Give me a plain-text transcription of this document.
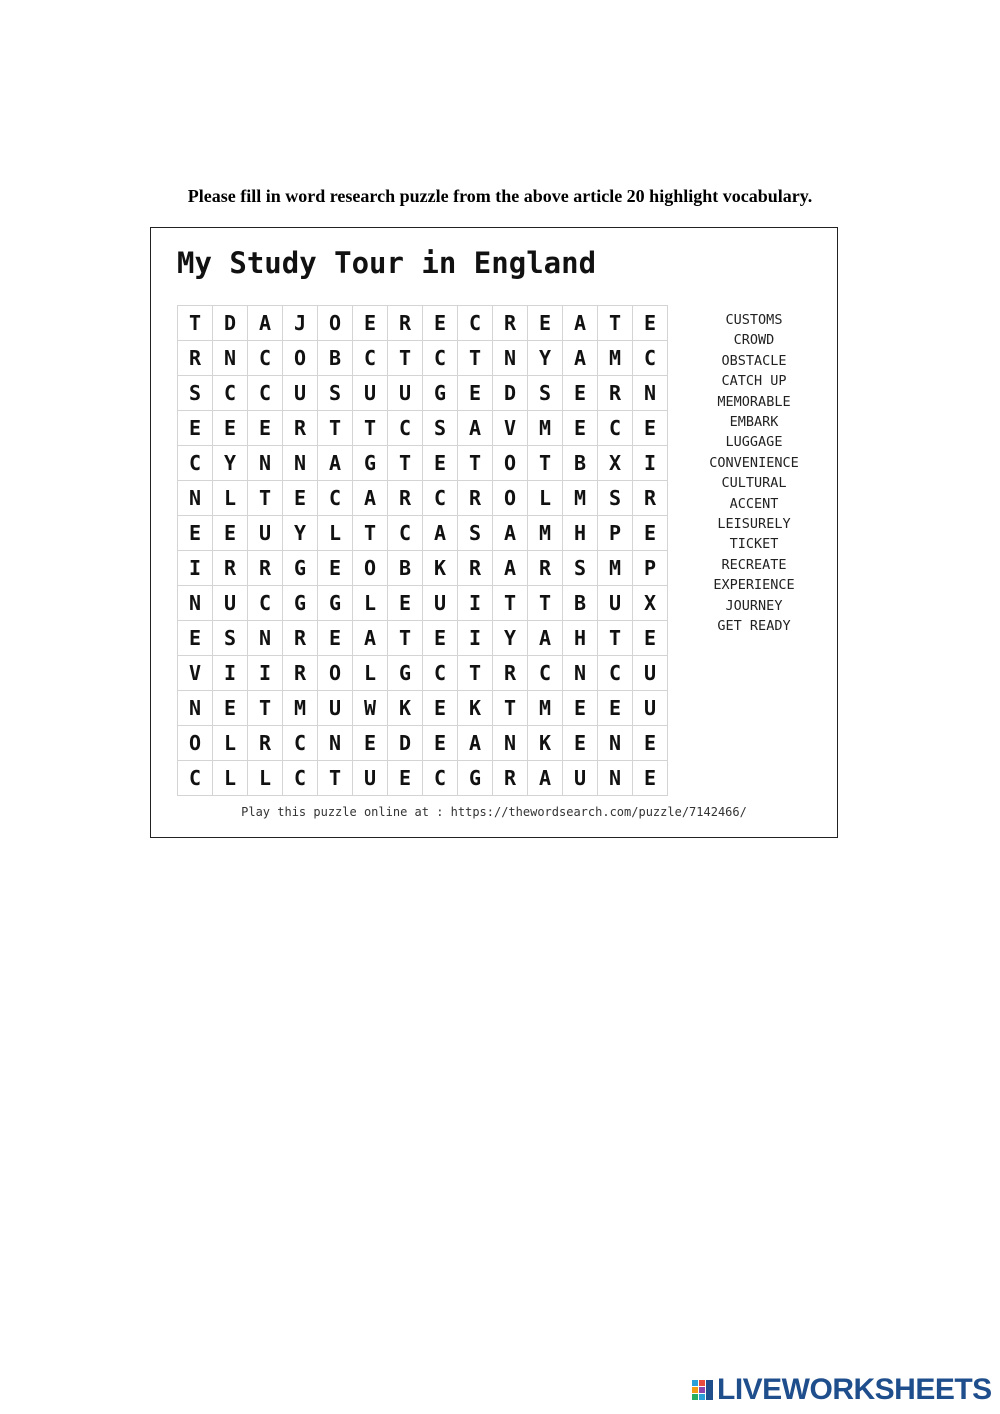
Please fill in word research puzzle from the above article 20 highlight vocabulary.
My Study Tour in England
T	D	A	J	O	E	R	E	C	R	E	A	T	E
R	N	C	O	B	C	T	C	T	N	Y	A	M	C
S	C	C	U	S	U	U	G	E	D	S	E	R	N
E	E	E	R	T	T	C	S	A	V	M	E	C	E
C	Y	N	N	A	G	T	E	T	O	T	B	X	I
N	L	T	E	C	A	R	C	R	O	L	M	S	R
E	E	U	Y	L	T	C	A	S	A	M	H	P	E
I	R	R	G	E	O	B	K	R	A	R	S	M	P
N	U	C	G	G	L	E	U	I	T	T	B	U	X
E	S	N	R	E	A	T	E	I	Y	A	H	T	E
V	I	I	R	O	L	G	C	T	R	C	N	C	U
N	E	T	M	U	W	K	E	K	T	M	E	E	U
O	L	R	C	N	E	D	E	A	N	K	E	N	E
C	L	L	C	T	U	E	C	G	R	A	U	N	E
CUSTOMS
CROWD
OBSTACLE
CATCH UP
MEMORABLE
EMBARK
LUGGAGE
CONVENIENCE
CULTURAL
ACCENT
LEISURELY
TICKET
RECREATE
EXPERIENCE
JOURNEY
GET READY
Play this puzzle online at : https://thewordsearch.com/puzzle/7142466/
LIVEWORKSHEETS
